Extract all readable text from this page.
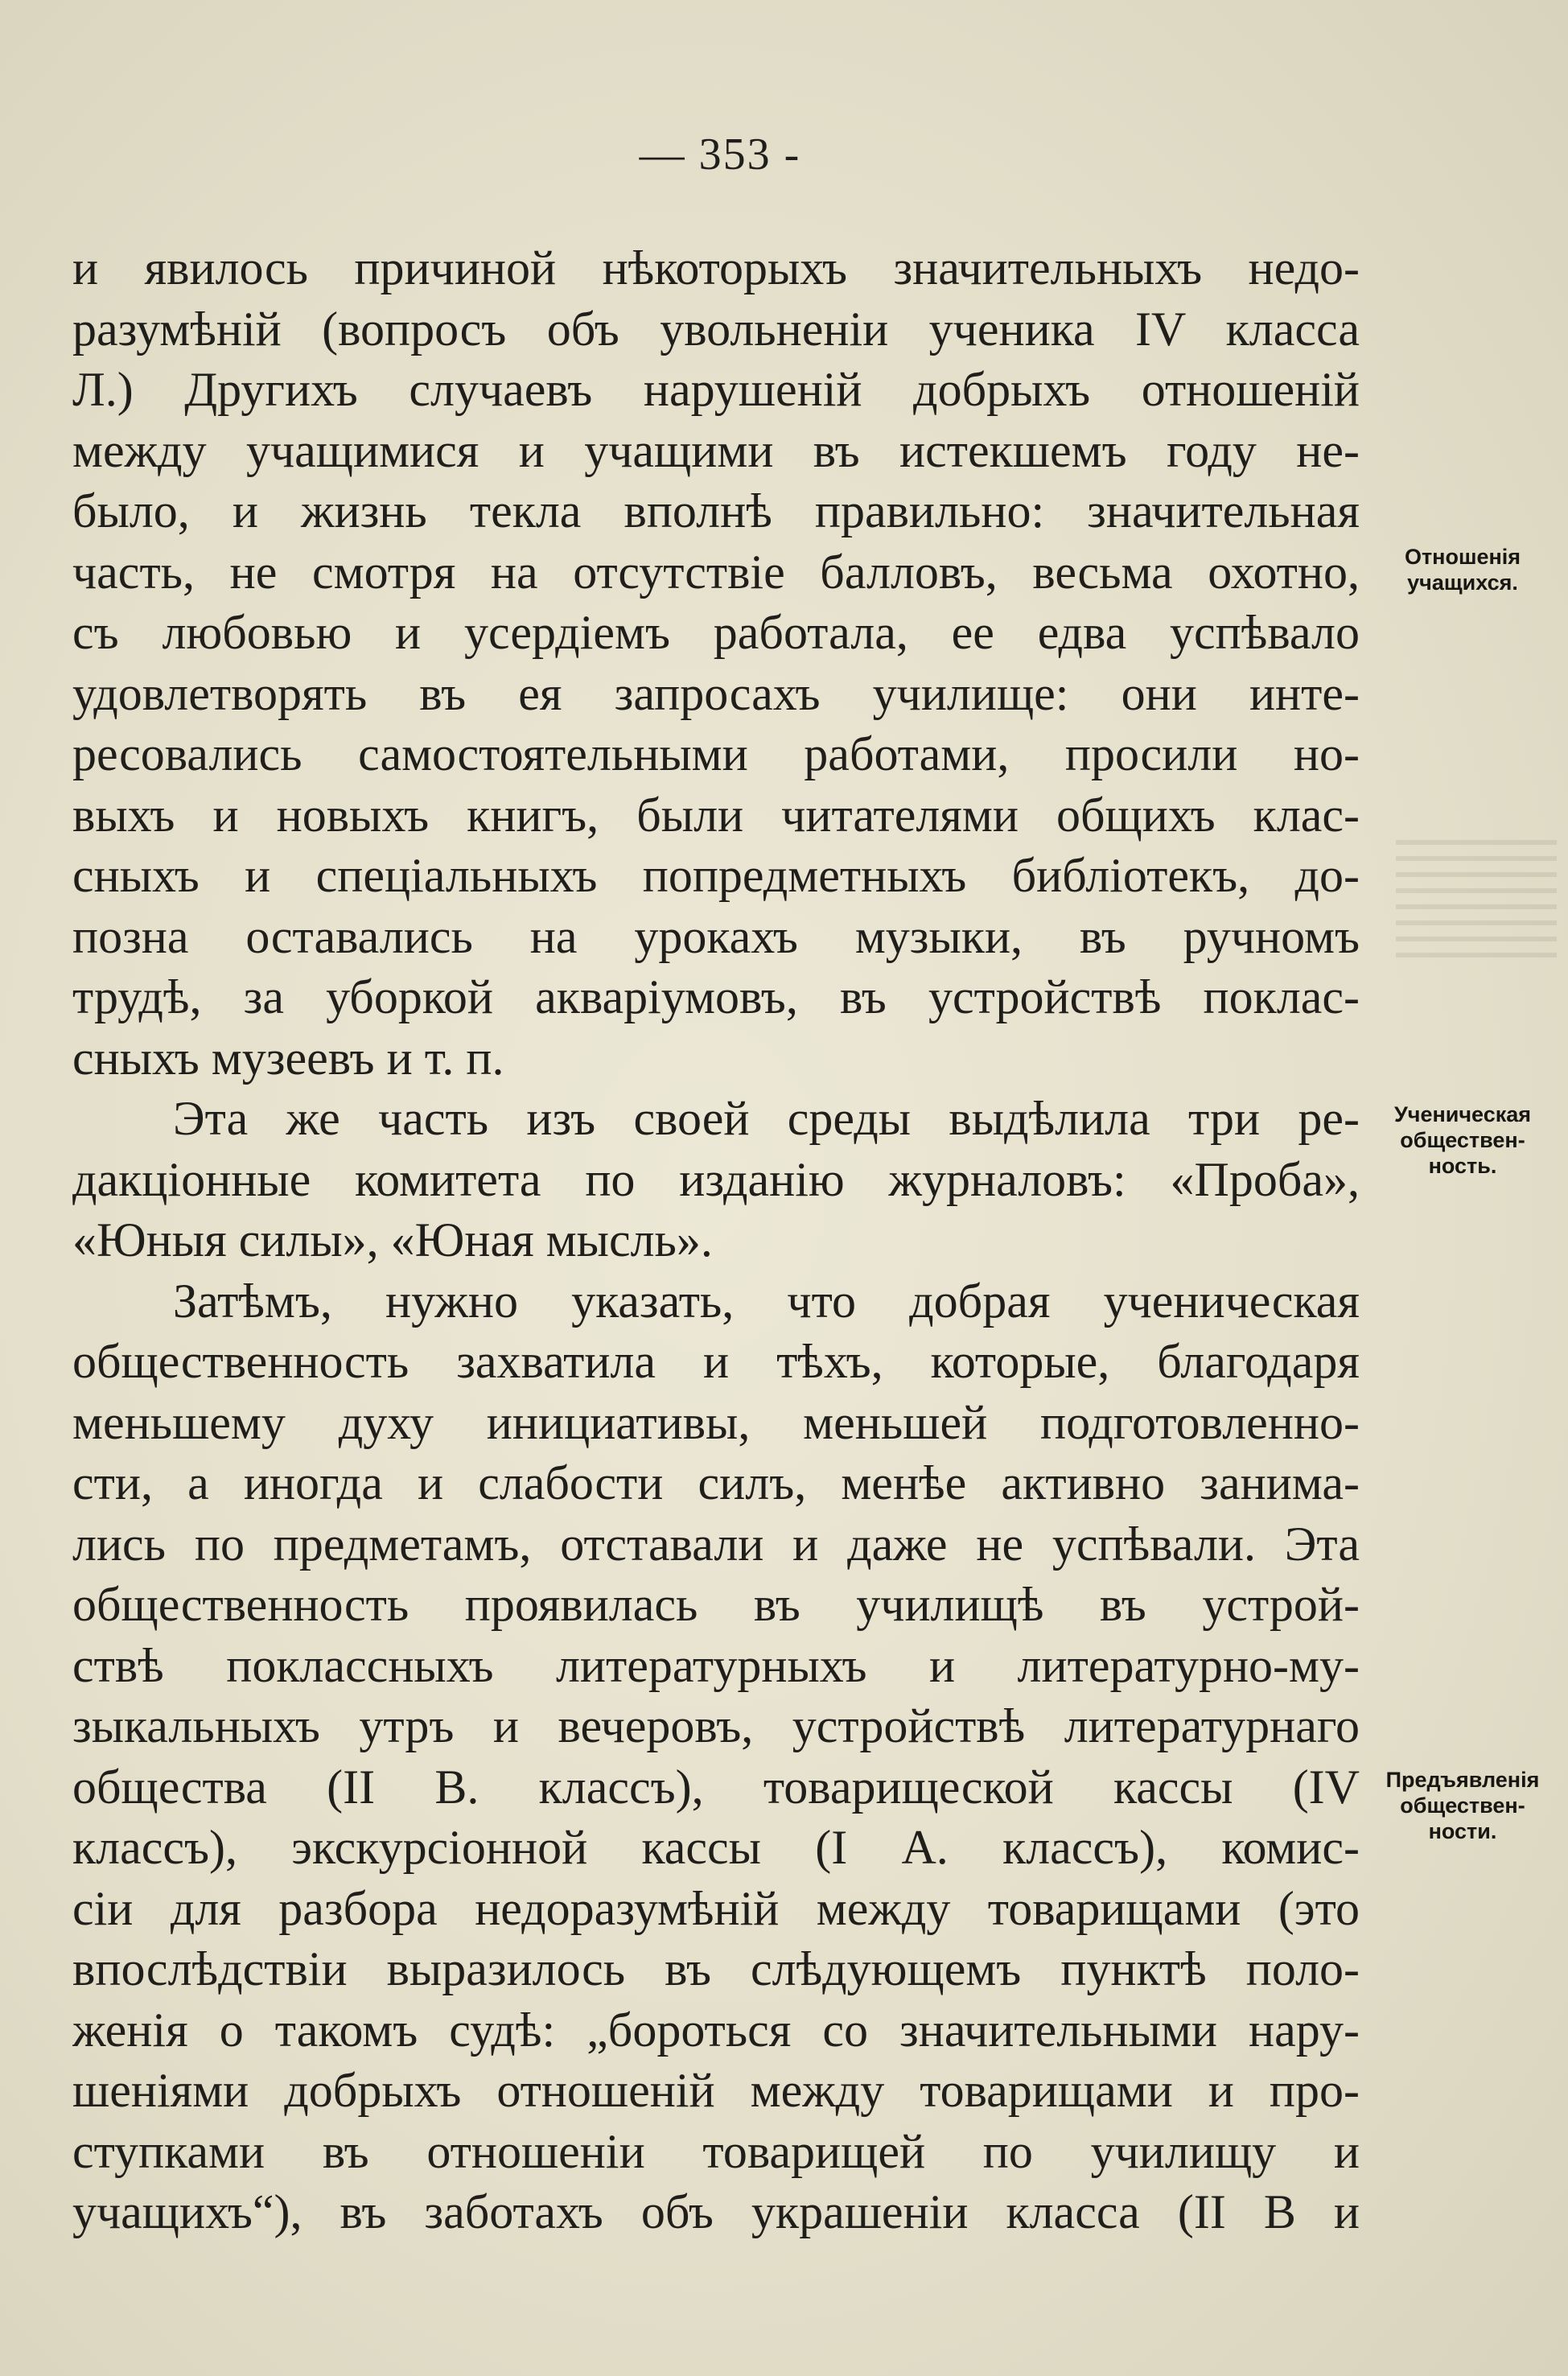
— 353 -
и явилось причиной нѣкоторыхъ значительныхъ недо-
разумѣній (вопросъ объ увольненіи ученика IV класса
Л.) Другихъ случаевъ нарушеній добрыхъ отношеній
между учащимися и учащими въ истекшемъ году не-
было, и жизнь текла вполнѣ правильно: значительная
часть, не смотря на отсутствіе балловъ, весьма охотно,
съ любовью и усердіемъ работала, ее едва успѣвало
удовлетворять въ ея запросахъ училище: они инте-
ресовались самостоятельными работами, просили но-
выхъ и новыхъ книгъ, были читателями общихъ клас-
сныхъ и спеціальныхъ попредметныхъ библіотекъ, до-
позна оставались на урокахъ музыки, въ ручномъ
трудѣ, за уборкой акваріумовъ, въ устройствѣ поклас-
сныхъ музеевъ и т. п.
Эта же часть изъ своей среды выдѣлила три ре-
дакціонные комитета по изданію журналовъ: «Проба»,
«Юныя силы», «Юная мысль».
Затѣмъ, нужно указать, что добрая ученическая
общественность захватила и тѣхъ, которые, благодаря
меньшему духу инициативы, меньшей подготовленно-
сти, а иногда и слабости силъ, менѣе активно занима-
лись по предметамъ, отставали и даже не успѣвали. Эта
общественность проявилась въ училищѣ въ устрой-
ствѣ поклассныхъ литературныхъ и литературно-му-
зыкальныхъ утръ и вечеровъ, устройствѣ литературнаго
общества (II В. классъ), товарищеской кассы (IV
классъ), экскурсіонной кассы (I А. классъ), комис-
сіи для разбора недоразумѣній между товарищами (это
впослѣдствіи выразилось въ слѣдующемъ пунктѣ поло-
женія о такомъ судѣ: „бороться со значительными нару-
шеніями добрыхъ отношеній между товарищами и про-
ступками въ отношеніи товарищей по училищу и
учащихъ“), въ заботахъ объ украшеніи класса (II В и
Отношенія
учащихся.
Ученическая
обществен-
ность.
Предъявленія
обществен-
ности.
